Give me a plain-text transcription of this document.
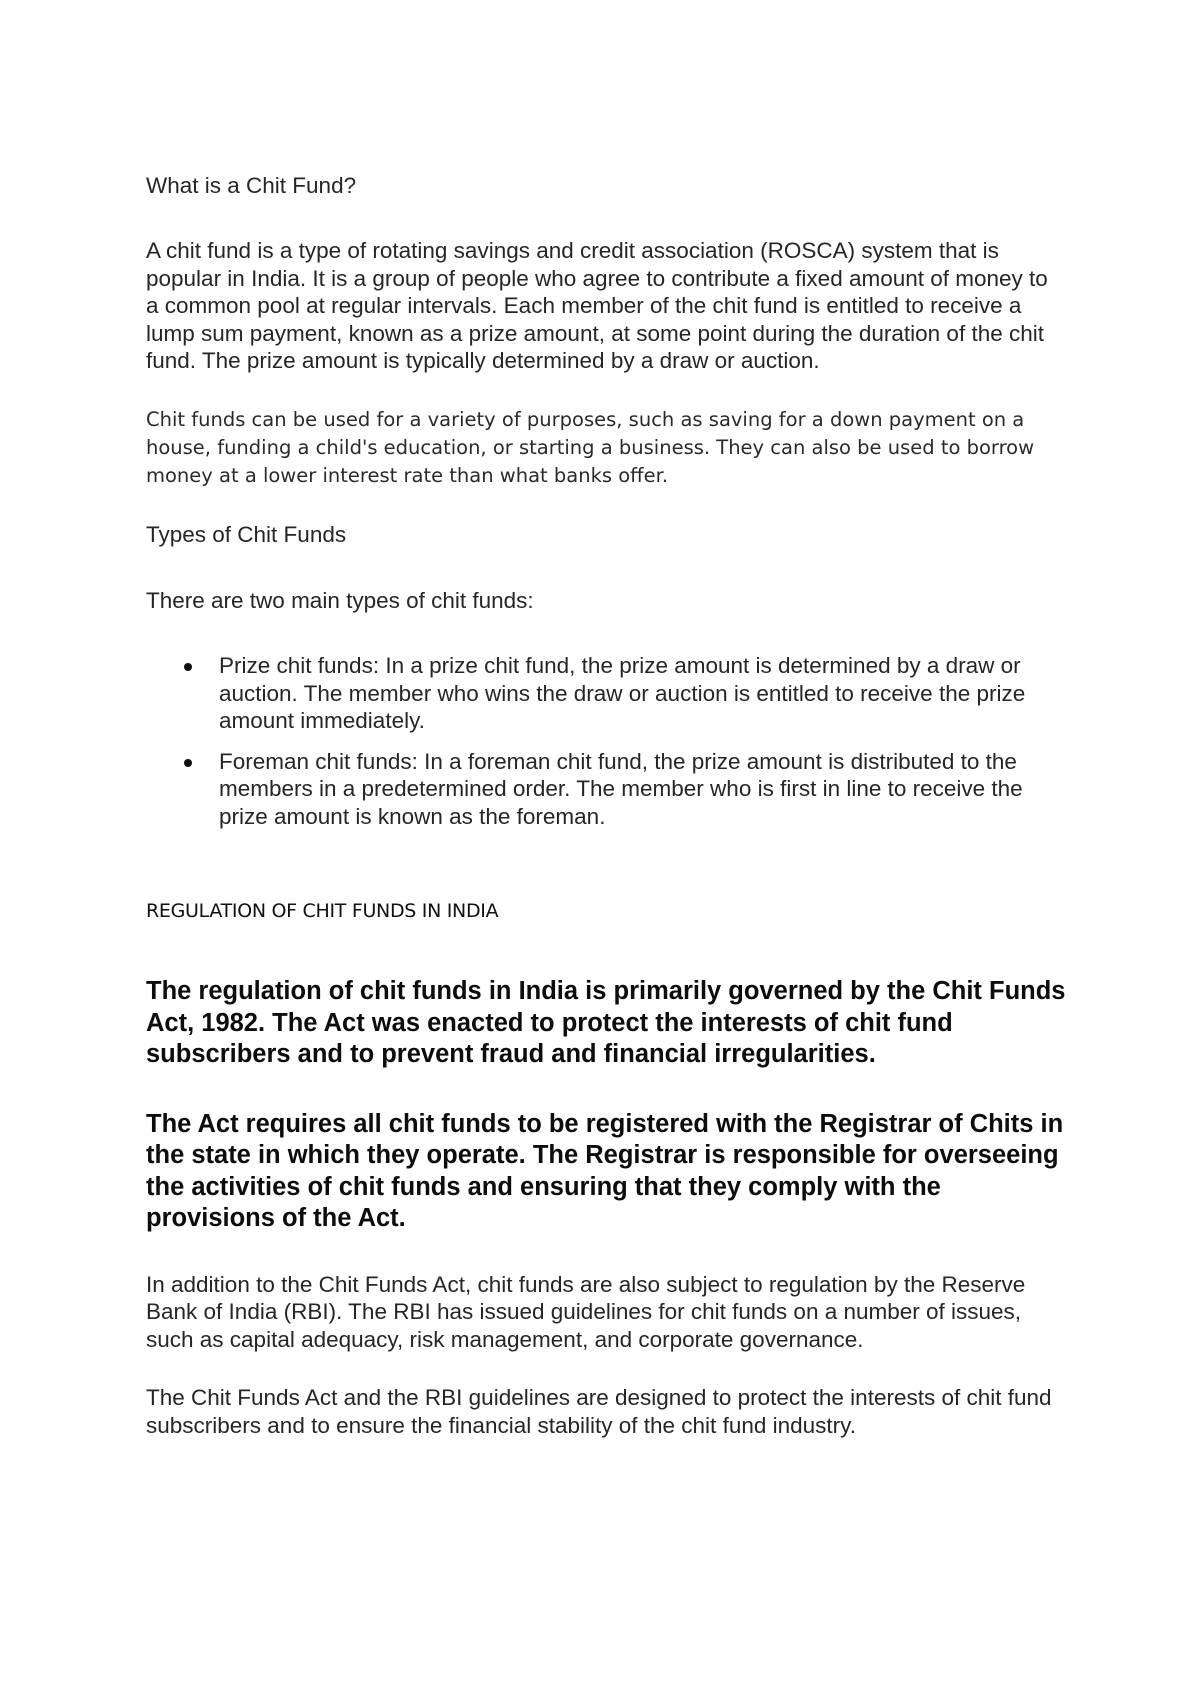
What is a Chit Fund?

A chit fund is a type of rotating savings and credit association (ROSCA) system that is popular in India. It is a group of people who agree to contribute a fixed amount of money to a common pool at regular intervals. Each member of the chit fund is entitled to receive a lump sum payment, known as a prize amount, at some point during the duration of the chit fund. The prize amount is typically determined by a draw or auction.

Chit funds can be used for a variety of purposes, such as saving for a down payment on a house, funding a child's education, or starting a business. They can also be used to borrow money at a lower interest rate than what banks offer.

Types of Chit Funds

There are two main types of chit funds:

Prize chit funds: In a prize chit fund, the prize amount is determined by a draw or auction. The member who wins the draw or auction is entitled to receive the prize amount immediately.
Foreman chit funds: In a foreman chit fund, the prize amount is distributed to the members in a predetermined order. The member who is first in line to receive the prize amount is known as the foreman.

REGULATION OF CHIT FUNDS IN INDIA

The regulation of chit funds in India is primarily governed by the Chit Funds Act, 1982. The Act was enacted to protect the interests of chit fund subscribers and to prevent fraud and financial irregularities.

The Act requires all chit funds to be registered with the Registrar of Chits in the state in which they operate. The Registrar is responsible for overseeing the activities of chit funds and ensuring that they comply with the provisions of the Act.

In addition to the Chit Funds Act, chit funds are also subject to regulation by the Reserve Bank of India (RBI). The RBI has issued guidelines for chit funds on a number of issues, such as capital adequacy, risk management, and corporate governance.

The Chit Funds Act and the RBI guidelines are designed to protect the interests of chit fund subscribers and to ensure the financial stability of the chit fund industry.
